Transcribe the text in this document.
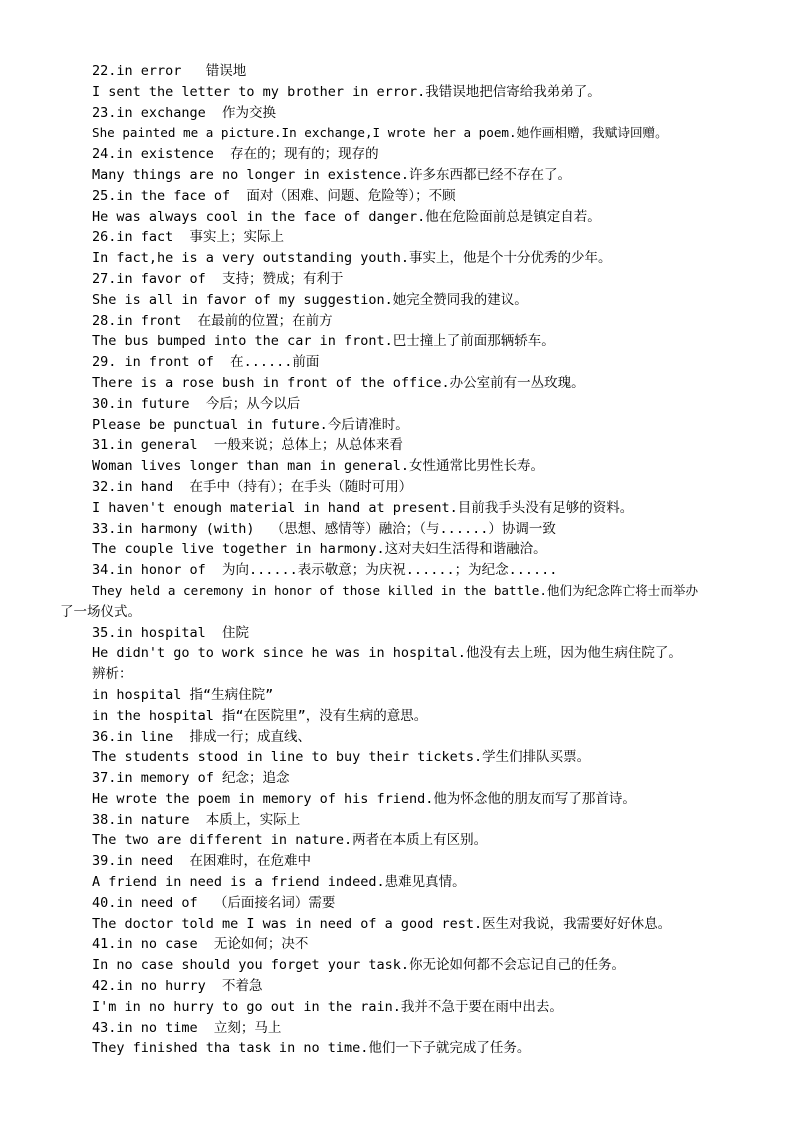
22.in error   错误地
I sent the letter to my brother in error.我错误地把信寄给我弟弟了。
23.in exchange  作为交换
She painted me a picture.In exchange,I wrote her a poem.她作画相赠，我赋诗回赠。
24.in existence  存在的；现有的；现存的
Many things are no longer in existence.许多东西都已经不存在了。
25.in the face of  面对（困难、问题、危险等）；不顾
He was always cool in the face of danger.他在危险面前总是镇定自若。
26.in fact  事实上；实际上
In fact,he is a very outstanding youth.事实上，他是个十分优秀的少年。
27.in favor of  支持；赞成；有利于
She is all in favor of my suggestion.她完全赞同我的建议。
28.in front  在最前的位置；在前方
The bus bumped into the car in front.巴士撞上了前面那辆轿车。
29. in front of  在......前面
There is a rose bush in front of the office.办公室前有一丛玫瑰。
30.in future  今后；从今以后
Please be punctual in future.今后请准时。
31.in general  一般来说；总体上；从总体来看
Woman lives longer than man in general.女性通常比男性长寿。
32.in hand  在手中（持有）；在手头（随时可用）
I haven't enough material in hand at present.目前我手头没有足够的资料。
33.in harmony (with)  （思想、感情等）融洽；（与......）协调一致
The couple live together in harmony.这对夫妇生活得和谐融洽。
34.in honor of  为向......表示敬意；为庆祝......；为纪念......
They held a ceremony in honor of those killed in the battle.他们为纪念阵亡将士而举办
了一场仪式。
35.in hospital  住院
He didn't go to work since he was in hospital.他没有去上班，因为他生病住院了。
辨析：
in hospital 指“生病住院”
in the hospital 指“在医院里”，没有生病的意思。
36.in line  排成一行；成直线、
The students stood in line to buy their tickets.学生们排队买票。
37.in memory of 纪念；追念
He wrote the poem in memory of his friend.他为怀念他的朋友而写了那首诗。
38.in nature  本质上，实际上
The two are different in nature.两者在本质上有区别。
39.in need  在困难时，在危难中
A friend in need is a friend indeed.患难见真情。
40.in need of  （后面接名词）需要
The doctor told me I was in need of a good rest.医生对我说，我需要好好休息。
41.in no case  无论如何；决不
In no case should you forget your task.你无论如何都不会忘记自己的任务。
42.in no hurry  不着急
I'm in no hurry to go out in the rain.我并不急于要在雨中出去。
43.in no time  立刻；马上
They finished tha task in no time.他们一下子就完成了任务。
